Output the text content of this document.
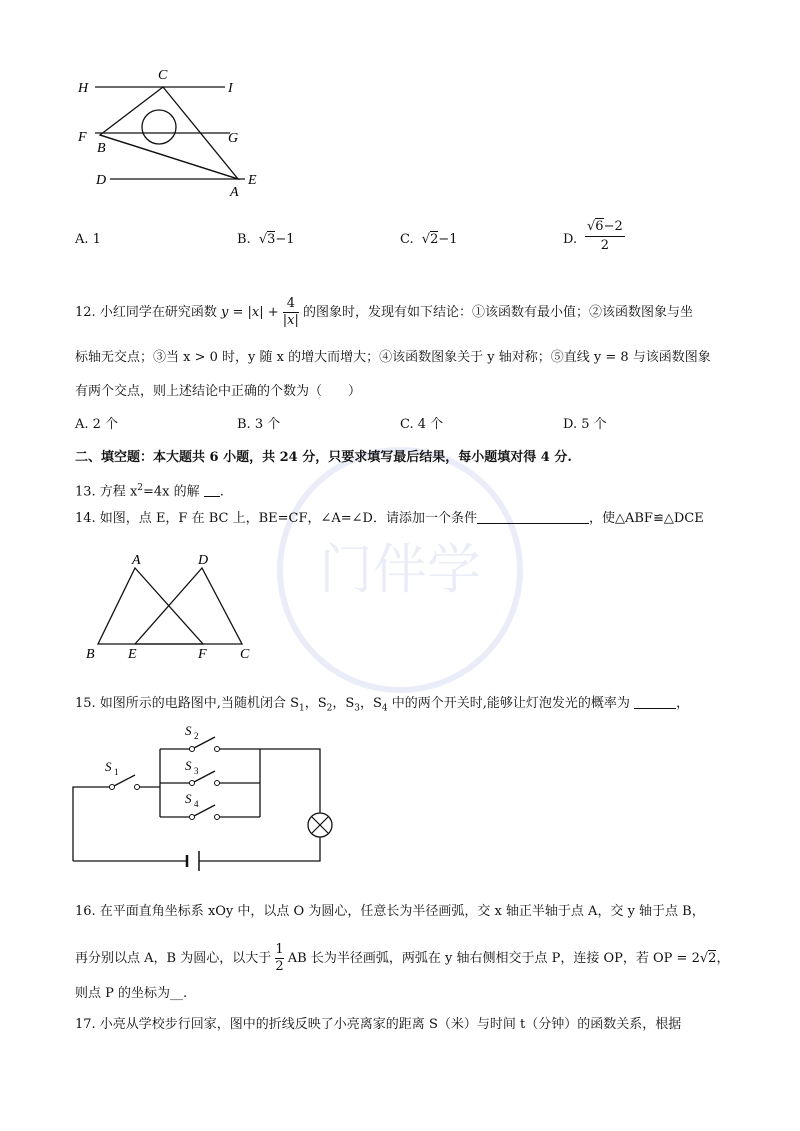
门伴学
H
C
I
F
B
G
D
A
E
A. 1	B. √3−1	C. √2−1	D.
√6−2
2
12. 小红同学在研究函数 $y = |x| + \frac{4}{|x|}$ 的图象时，发现有如下结论：①该函数有最小值；②该函数图象与坐
标轴无交点；③当 x > 0 时，y 随 x 的增大而增大；④该函数图象关于 y 轴对称；⑤直线 y = 8 与该函数图象
有两个交点，则上述结论中正确的个数为（　　）
A. 2 个	B. 3 个	C. 4 个	D. 5 个
二、填空题：本大题共 6 小题，共 24 分，只要求填写最后结果，每小题填对得 4 分.
13. 方程 $x^2=4x$ 的解 .
14. 如图，点 E，F 在 BC 上，BE=CF，∠A=∠D．请添加一个条件	，使△ABF≌△DCE
A	D
B E	F C
15. 如图所示的电路图中,当随机闭合 $S_1$，$S_2$，$S_3$，$S_4$ 中的两个开关时,能够让灯泡发光的概率为	，
S 1
S 2
S 3
S 4
16. 在平面直角坐标系 xOy 中，以点 O 为圆心，任意长为半径画弧，交 x 轴正半轴于点 A，交 y 轴于点 B，
再分别以点 A，B 为圆心，以大于 $\frac{1}{2}$ AB 长为半径画弧，两弧在 y 轴右侧相交于点 P，连接 OP，若 OP = 2√2，
则点 P 的坐标为__.
17. 小亮从学校步行回家，图中的折线反映了小亮离家的距离 S（米）与时间 t（分钟）的函数关系，根据
